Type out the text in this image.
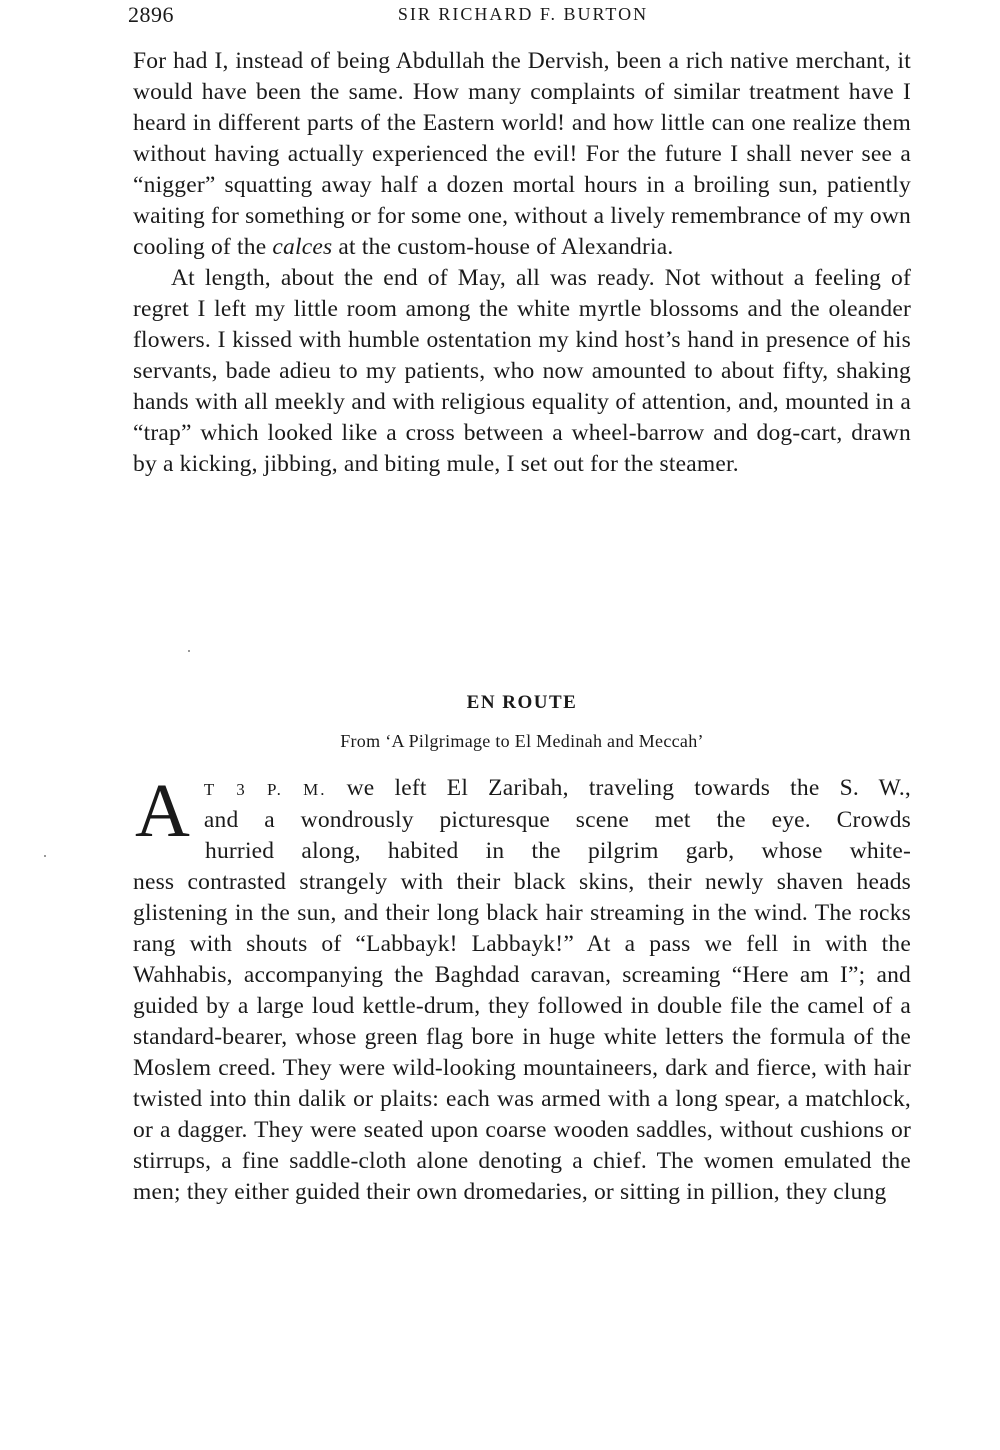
2896	SIR RICHARD F. BURTON

For had I, instead of being Abdullah the Dervish, been a rich native merchant, it would have been the same. How many complaints of similar treatment have I heard in different parts of the Eastern world! and how little can one realize them without having actually experienced the evil! For the future I shall never see a “nigger” squatting away half a dozen mortal hours in a broiling sun, patiently waiting for something or for some one, without a lively remembrance of my own cooling of the calces at the custom-house of Alexandria.

At length, about the end of May, all was ready. Not without a feeling of regret I left my little room among the white myrtle blossoms and the oleander flowers. I kissed with humble ostentation my kind host’s hand in presence of his servants, bade adieu to my patients, who now amounted to about fifty, shaking hands with all meekly and with religious equality of attention, and, mounted in a “trap” which looked like a cross between a wheel-barrow and dog-cart, drawn by a kicking, jibbing, and biting mule, I set out for the steamer.

EN ROUTE
From ‘A Pilgrimage to El Medinah and Meccah’
A T 3 P. M. we left El Zaribah, traveling towards the S. W.,

and a wondrously picturesque scene met the eye. Crowds

hurried along, habited in the pilgrim garb, whose white-

ness contrasted strangely with their black skins, their newly shaven heads glistening in the sun, and their long black hair streaming in the wind. The rocks rang with shouts of “Labbayk! Labbayk!” At a pass we fell in with the Wahhabis, accompanying the Baghdad caravan, screaming “Here am I”; and guided by a large loud kettle-drum, they followed in double file the camel of a standard-bearer, whose green flag bore in huge white letters the formula of the Moslem creed. They were wild-looking mountaineers, dark and fierce, with hair twisted into thin dalik or plaits: each was armed with a long spear, a matchlock, or a dagger. They were seated upon coarse wooden saddles, without cushions or stirrups, a fine saddle-cloth alone denoting a chief. The women emulated the men; they either guided their own dromedaries, or sitting in pillion, they clung
